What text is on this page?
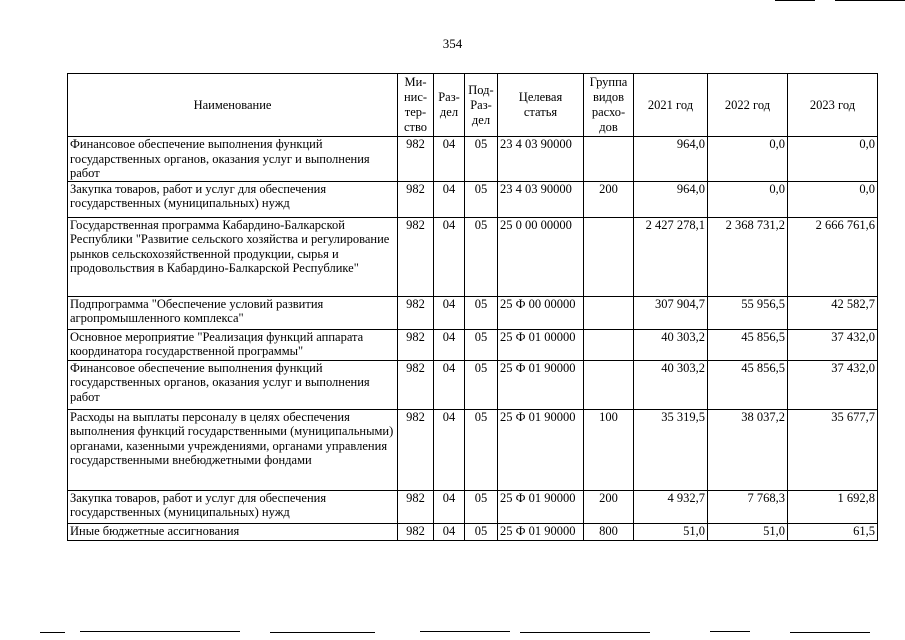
354
Наименование	Ми-
нис-
тер-
ство	Раз-
дел	Под-
Раз-
дел	Целевая
статья	Группа
видов
расхо-
дов	2021 год	2022 год	2023 год
Финансовое обеспечение выполнения функций государственных органов, оказания услуг и выполнения работ	982	04	05	23 4 03 90000		964,0	0,0	0,0
Закупка товаров, работ и услуг для обеспечения государственных (муниципальных) нужд	982	04	05	23 4 03 90000	200	964,0	0,0	0,0
Государственная программа Кабардино-Балкарской Республики "Развитие сельского хозяйства и регулирование рынков сельскохозяйственной продукции, сырья и продовольствия в Кабардино-Балкарской Республике"	982	04	05	25 0 00 00000		2 427 278,1	2 368 731,2	2 666 761,6
Подпрограмма "Обеспечение условий развития агропромышленного комплекса"	982	04	05	25 Ф 00 00000		307 904,7	55 956,5	42 582,7
Основное мероприятие "Реализация функций аппарата координатора государственной программы"	982	04	05	25 Ф 01 00000		40 303,2	45 856,5	37 432,0
Финансовое обеспечение выполнения функций государственных органов, оказания услуг и выполнения работ	982	04	05	25 Ф 01 90000		40 303,2	45 856,5	37 432,0
Расходы на выплаты персоналу в целях обеспечения выполнения функций государственными (муниципальными) органами, казенными учреждениями, органами управления государственными внебюджетными фондами	982	04	05	25 Ф 01 90000	100	35 319,5	38 037,2	35 677,7
Закупка товаров, работ и услуг для обеспечения государственных (муниципальных) нужд	982	04	05	25 Ф 01 90000	200	4 932,7	7 768,3	1 692,8
Иные бюджетные ассигнования	982	04	05	25 Ф 01 90000	800	51,0	51,0	61,5
